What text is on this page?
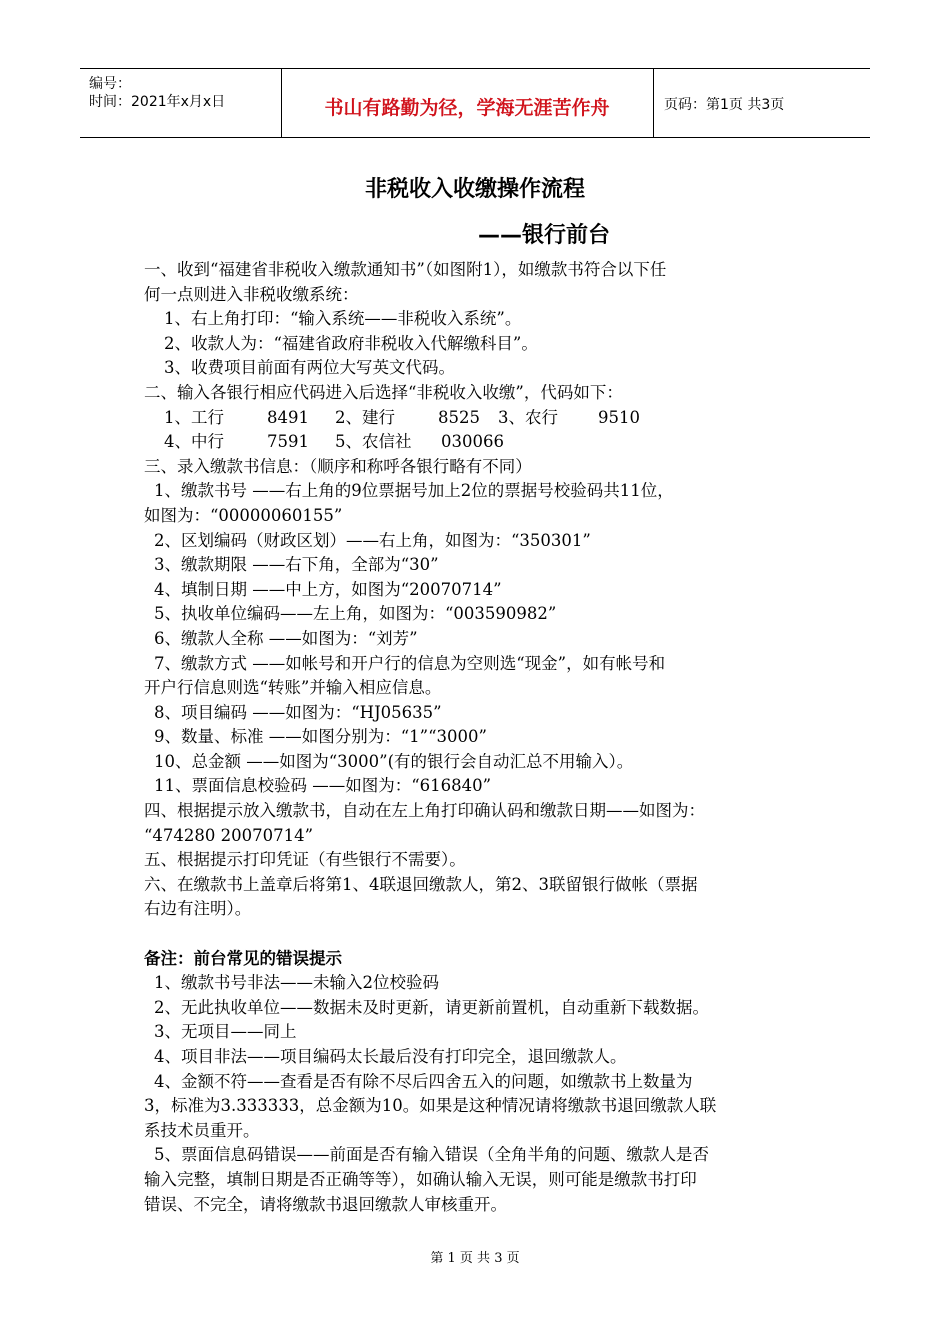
编号：
时间：2021年x月x日	书山有路勤为径，学海无涯苦作舟	页码：第1页 共3页
非税收入收缴操作流程
——银行前台

一、收到“福建省非税收入缴款通知书”（如图附1），如缴款书符合以下任

何一点则进入非税收缴系统：

1、右上角打印：“输入系统——非税收入系统”。

2、收款人为：“福建省政府非税收入代解缴科目”。

3、收费项目前面有两位大写英文代码。

二、输入各银行相应代码进入后选择“非税收入收缴”，代码如下：

1、工行	8491 2、建行	8525 3、农行 9510

4、中行	7591 5、农信社 030066

三、录入缴款书信息：（顺序和称呼各银行略有不同）

1、缴款书号 ——右上角的9位票据号加上2位的票据号校验码共11位，

如图为：“00000060155”

2、区划编码（财政区划）——右上角，如图为：“350301”

3、缴款期限 ——右下角，全部为“30”

4、填制日期 ——中上方，如图为“20070714”

5、执收单位编码——左上角，如图为：“003590982”

6、缴款人全称 ——如图为：“刘芳”

7、缴款方式 ——如帐号和开户行的信息为空则选“现金”，如有帐号和

开户行信息则选“转账”并输入相应信息。

8、项目编码 ——如图为：“HJ05635”

9、数量、标准 ——如图分别为：“1”“3000”

10、总金额 ——如图为“3000”(有的银行会自动汇总不用输入）。

11、票面信息校验码 ——如图为：“616840”

四、根据提示放入缴款书，自动在左上角打印确认码和缴款日期——如图为：

“474280 20070714”

五、根据提示打印凭证（有些银行不需要）。

六、在缴款书上盖章后将第1、4联退回缴款人，第2、3联留银行做帐（票据

右边有注明）。

备注：前台常见的错误提示

1、缴款书号非法——未输入2位校验码

2、无此执收单位——数据未及时更新，请更新前置机，自动重新下载数据。

3、无项目——同上

4、项目非法——项目编码太长最后没有打印完全，退回缴款人。

4、金额不符——查看是否有除不尽后四舍五入的问题，如缴款书上数量为

3，标准为3.333333，总金额为10。如果是这种情况请将缴款书退回缴款人联

系技术员重开。

5、票面信息码错误——前面是否有输入错误（全角半角的问题、缴款人是否

输入完整，填制日期是否正确等等），如确认输入无误，则可能是缴款书打印

错误、不完全，请将缴款书退回缴款人审核重开。

第 1 页 共 3 页
